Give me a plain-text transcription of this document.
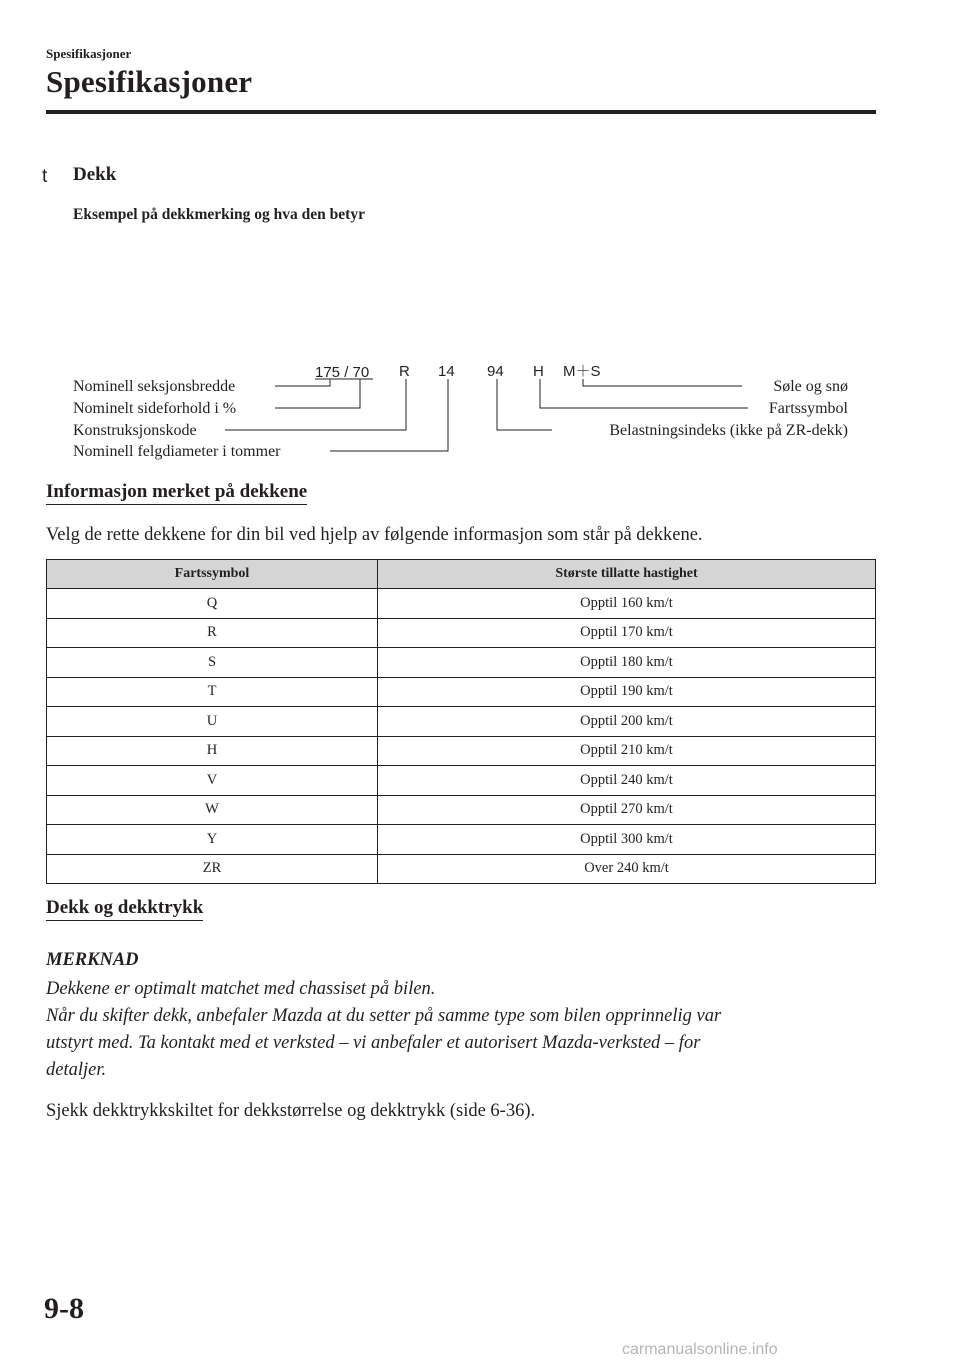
Spesifikasjoner
Spesifikasjoner
t Dekk
Eksempel på dekkmerking og hva den betyr
175 / 70 R 14 94 H M＋S
Nominell seksjonsbredde
Nominelt sideforhold i %
Konstruksjonskode
Nominell felgdiameter i tommer
Søle og snø
Fartssymbol
Belastningsindeks (ikke på ZR-dekk)
Informasjon merket på dekkene
Velg de rette dekkene for din bil ved hjelp av følgende informasjon som står på dekkene.
Fartssymbol	Største tillatte hastighet
Q	Opptil 160 km/t
R	Opptil 170 km/t
S	Opptil 180 km/t
T	Opptil 190 km/t
U	Opptil 200 km/t
H	Opptil 210 km/t
V	Opptil 240 km/t
W	Opptil 270 km/t
Y	Opptil 300 km/t
ZR	Over 240 km/t
Dekk og dekktrykk
MERKNAD
Dekkene er optimalt matchet med chassiset på bilen.
Når du skifter dekk, anbefaler Mazda at du setter på samme type som bilen opprinnelig var
utstyrt med. Ta kontakt med et verksted – vi anbefaler et autorisert Mazda-verksted – for
detaljer.
Sjekk dekktrykkskiltet for dekkstørrelse og dekktrykk (side 6-36).
9-8
carmanualsonline.info
